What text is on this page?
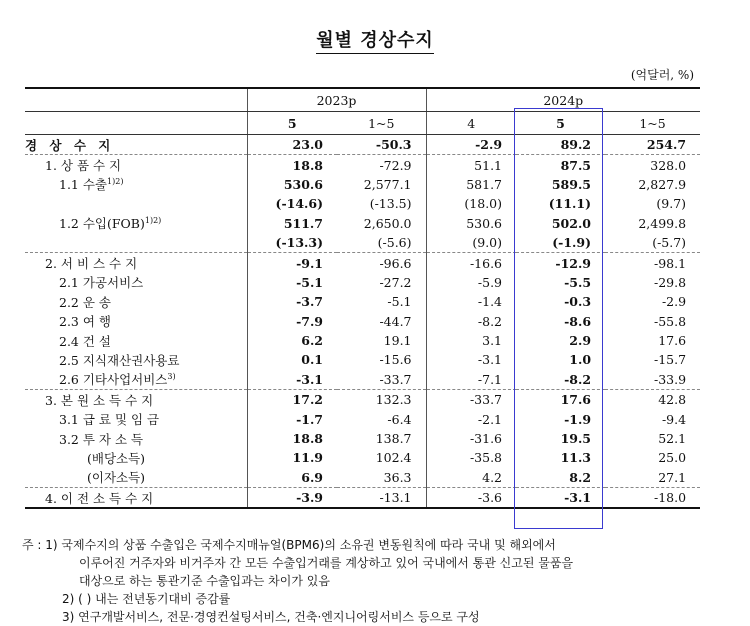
월별 경상수지
(억달러, %)
	2023p		2024p		
	5	1~5	4	5	1~5
경 상 수 지	23.0	-50.3	-2.9	89.2	254.7
1. 상 품 수 지	18.8	-72.9	51.1	87.5	328.0
1.1 수출$^{1)2)}$	530.6	2,577.1	581.7	589.5	2,827.9
	(-14.6)	(-13.5)	(18.0)	(11.1)	(9.7)
1.2 수입(FOB)$^{1)2)}$	511.7	2,650.0	530.6	502.0	2,499.8
	(-13.3)	(-5.6)	(9.0)	(-1.9)	(-5.7)
2. 서 비 스 수 지	-9.1	-96.6	-16.6	-12.9	-98.1
2.1 가공서비스	-5.1	-27.2	-5.9	-5.5	-29.8
2.2 운 송	-3.7	-5.1	-1.4	-0.3	-2.9
2.3 여 행	-7.9	-44.7	-8.2	-8.6	-55.8
2.4 건 설	6.2	19.1	3.1	2.9	17.6
2.5 지식재산권사용료	0.1	-15.6	-3.1	1.0	-15.7
2.6 기타사업서비스$^{3)}$	-3.1	-33.7	-7.1	-8.2	-33.9
3. 본 원 소 득 수 지	17.2	132.3	-33.7	17.6	42.8
3.1 급 료 및 임 금	-1.7	-6.4	-2.1	-1.9	-9.4
3.2 투 자 소 득	18.8	138.7	-31.6	19.5	52.1
(배당소득)	11.9	102.4	-35.8	11.3	25.0
(이자소득)	6.9	36.3	4.2	8.2	27.1
4. 이 전 소 득 수 지	-3.9	-13.1	-3.6	-3.1	-18.0
주 : 1) 국제수지의 상품 수출입은 국제수지매뉴얼(BPM6)의 소유권 변동원칙에 따라 국내 및 해외에서
이루어진 거주자와 비거주자 간 모든 수출입거래를 계상하고 있어 국내에서 통관 신고된 물품을
대상으로 하는 통관기준 수출입과는 차이가 있음
2) ( ) 내는 전년동기대비 증감률
3) 연구개발서비스, 전문·경영컨설팅서비스, 건축·엔지니어링서비스 등으로 구성
